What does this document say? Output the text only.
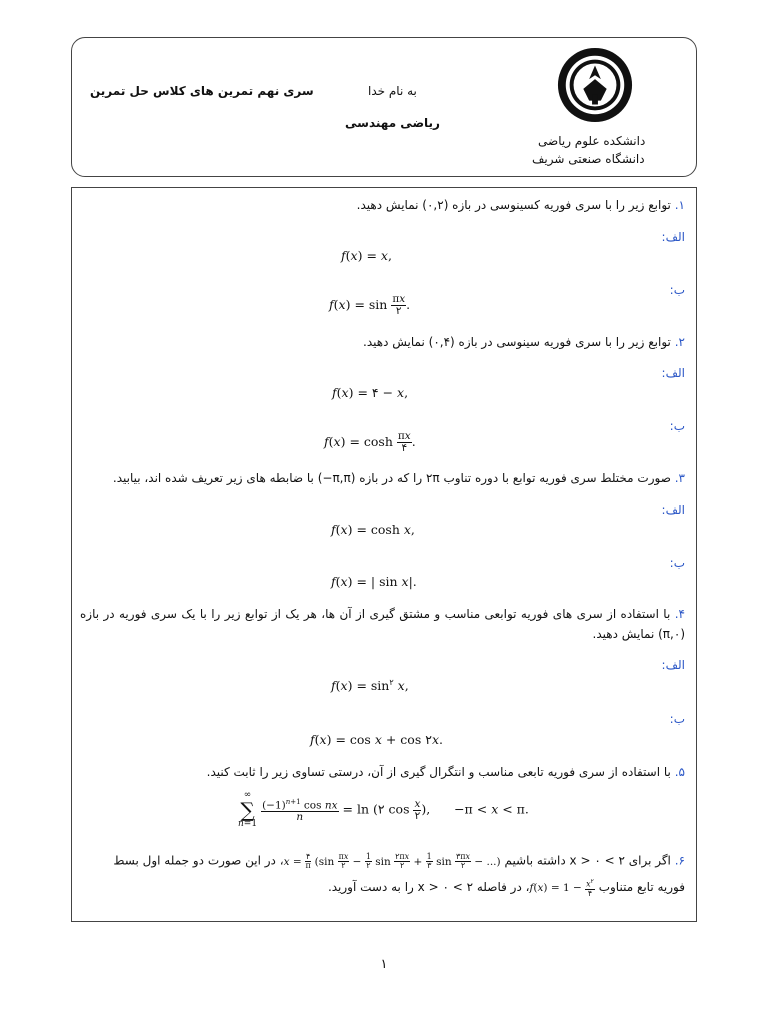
به نام خدا
سری نهم تمرین های کلاس حل تمرین
ریاضی مهندسی
دانشکده علوم ریاضی
دانشگاه صنعتی شریف
۱. توابع زیر را با سری فوریه کسینوسی در بازه (۰,۲) نمایش دهید.
الف:
f(x) = x,
ب:
$f(x) = \sin \frac{\pi x}{۲}$ .
۲. توابع زیر را با سری فوریه سینوسی در بازه (۰,۴) نمایش دهید.
الف:
f(x) = ۴ − x,
ب:
$f(x) = \cosh \frac{\pi x}{۴}$ .
۳. صورت مختلط سری فوریه توابع با دوره تناوب ۲π را که در بازه (π,π−) با ضابطه های زیر تعریف شده اند، بیابید.
الف:
f(x) = cosh x,
ب:
f(x) = | sin x|.
۴. با استفاده از سری های فوریه توابعی مناسب و مشتق گیری از آن ها، هر یک از توابع زیر را با یک سری فوریه در بازه (۰,π) نمایش دهید.
الف:
$f(x) = \sin^۲ x$,
ب:
f(x) = cos x + cos ۲x.
۵. با استفاده از سری فوریه تابعی مناسب و انتگرال گیری از آن، درستی تساوی زیر را ثابت کنید.
∞
∑
n=1

$\frac{(-1)^{n+1} \cos nx}{n} = \ln$ (۲ $\cos \frac{x}{۲}$ ),      −π < x < π.
۶. اگر برای ۲ > x > ۰ داشته باشیم $x = \frac{۴}{\pi} (\sin \frac{\pi x}{۲} - \frac{1}{۲}$ $\sin \frac{۲\pi x}{۲} + \frac{1}{۳}$ $\sin \frac{۳\pi x}{۲}$ − ...)، در این صورت دو جمله اول بسط
فوریه تابع متناوب $f(x) = 1 - \frac{x^۲}{۴}$
، در فاصله ۲ > x > ۰ را به دست آورید.
۱
